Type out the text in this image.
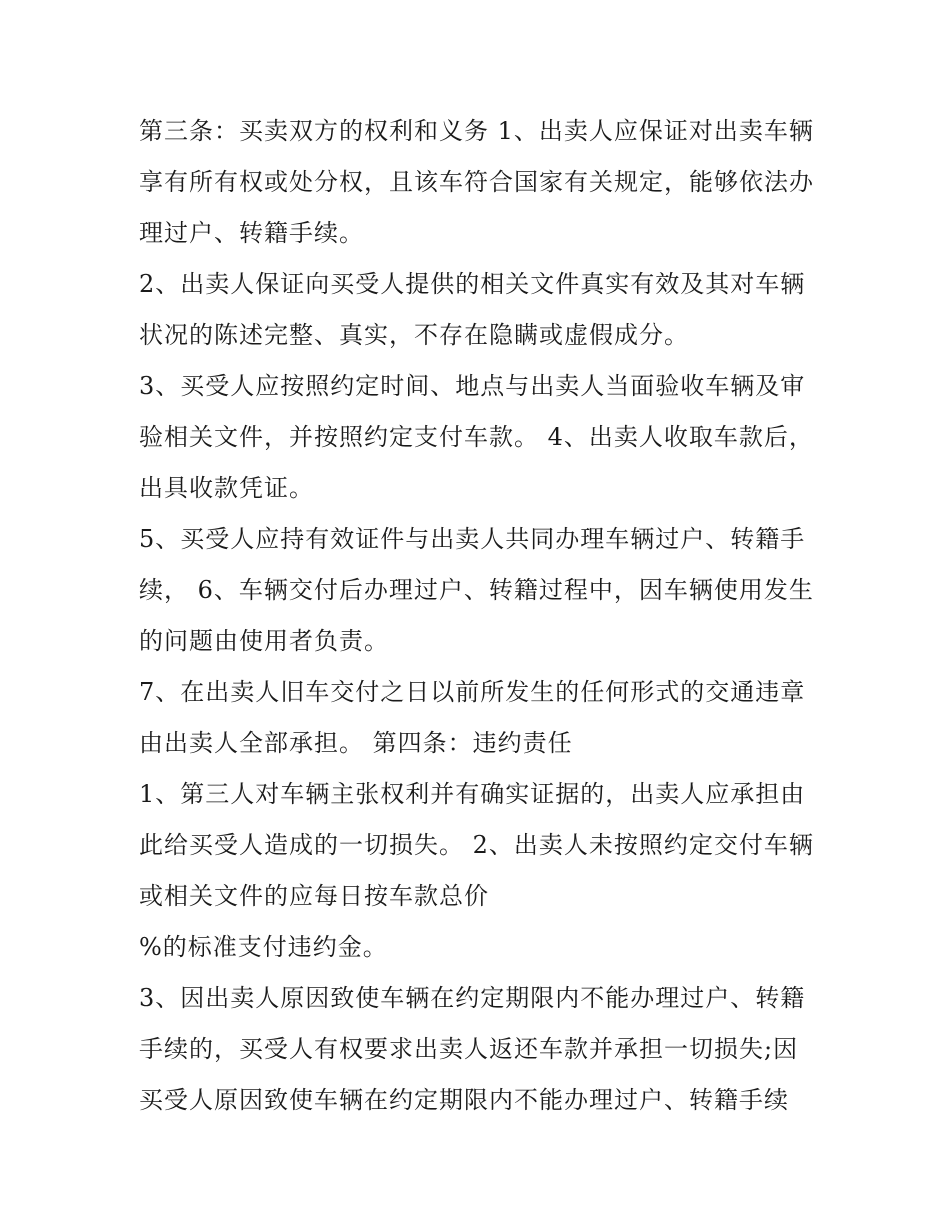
第三条：买卖双方的权利和义务 1、出卖人应保证对出卖车辆
享有所有权或处分权，且该车符合国家有关规定，能够依法办
理过户、转籍手续。
2、出卖人保证向买受人提供的相关文件真实有效及其对车辆
状况的陈述完整、真实，不存在隐瞒或虚假成分。
3、买受人应按照约定时间、地点与出卖人当面验收车辆及审
验相关文件，并按照约定支付车款。 4、出卖人收取车款后，
出具收款凭证。
5、买受人应持有效证件与出卖人共同办理车辆过户、转籍手
续， 6、车辆交付后办理过户、转籍过程中，因车辆使用发生
的问题由使用者负责。
7、在出卖人旧车交付之日以前所发生的任何形式的交通违章
由出卖人全部承担。 第四条：违约责任
1、第三人对车辆主张权利并有确实证据的，出卖人应承担由
此给买受人造成的一切损失。 2、出卖人未按照约定交付车辆
或相关文件的应每日按车款总价
%的标准支付违约金。
3、因出卖人原因致使车辆在约定期限内不能办理过户、转籍
手续的，买受人有权要求出卖人返还车款并承担一切损失;因
买受人原因致使车辆在约定期限内不能办理过户、转籍手续
